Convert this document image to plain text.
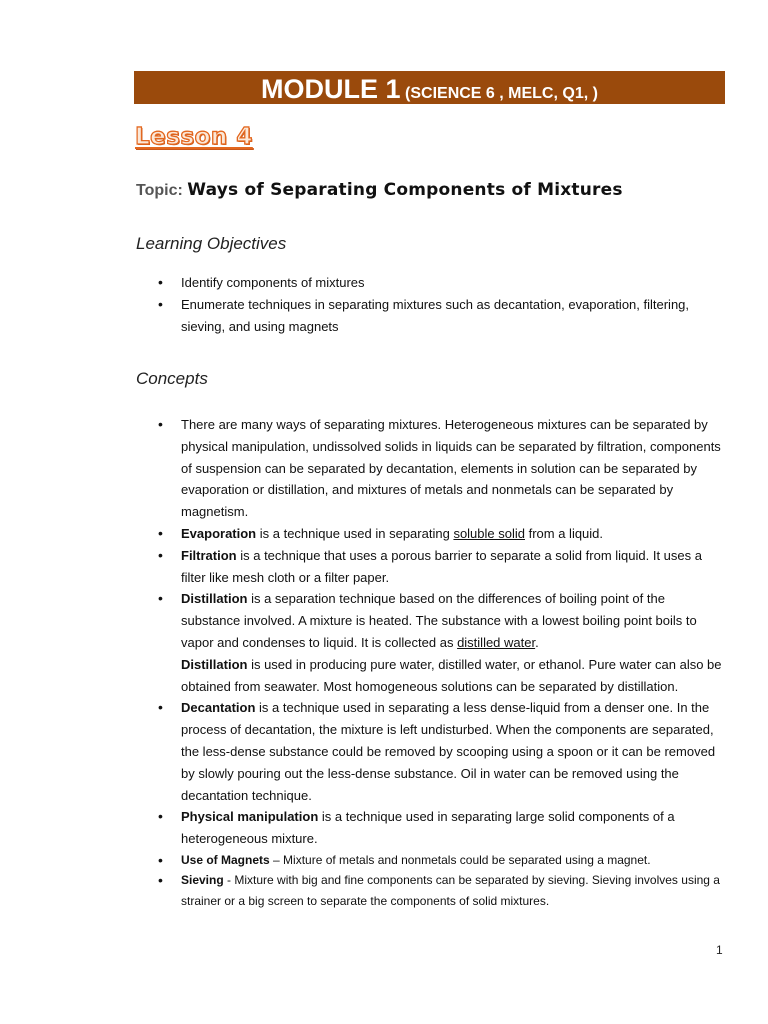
MODULE 1 (SCIENCE 6 , MELC, Q1, )
Lesson 4
Topic: Ways of Separating Components of Mixtures
Learning Objectives
• Identify components of mixtures
• Enumerate techniques in separating mixtures such as decantation, evaporation, filtering, sieving, and using magnets
Concepts
• There are many ways of separating mixtures. Heterogeneous mixtures can be separated by physical manipulation, undissolved solids in liquids can be separated by filtration, components of suspension can be separated by decantation, elements in solution can be separated by evaporation or distillation, and mixtures of metals and nonmetals can be separated by magnetism.
• Evaporation is a technique used in separating soluble solid from a liquid.
• Filtration is a technique that uses a porous barrier to separate a solid from liquid. It uses a filter like mesh cloth or a filter paper.
• Distillation is a separation technique based on the differences of boiling point of the substance involved. A mixture is heated. The substance with a lowest boiling point boils to vapor and condenses to liquid. It is collected as distilled water.
Distillation is used in producing pure water, distilled water, or ethanol. Pure water can also be obtained from seawater. Most homogeneous solutions can be separated by distillation.
• Decantation is a technique used in separating a less dense-liquid from a denser one. In the process of decantation, the mixture is left undisturbed. When the components are separated, the less-dense substance could be removed by scooping using a spoon or it can be removed by slowly pouring out the less-dense substance. Oil in water can be removed using the decantation technique.
• Physical manipulation is a technique used in separating large solid components of a heterogeneous mixture.
• Use of Magnets – Mixture of metals and nonmetals could be separated using a magnet.
• Sieving - Mixture with big and fine components can be separated by sieving. Sieving involves using a strainer or a big screen to separate the components of solid mixtures.
1
